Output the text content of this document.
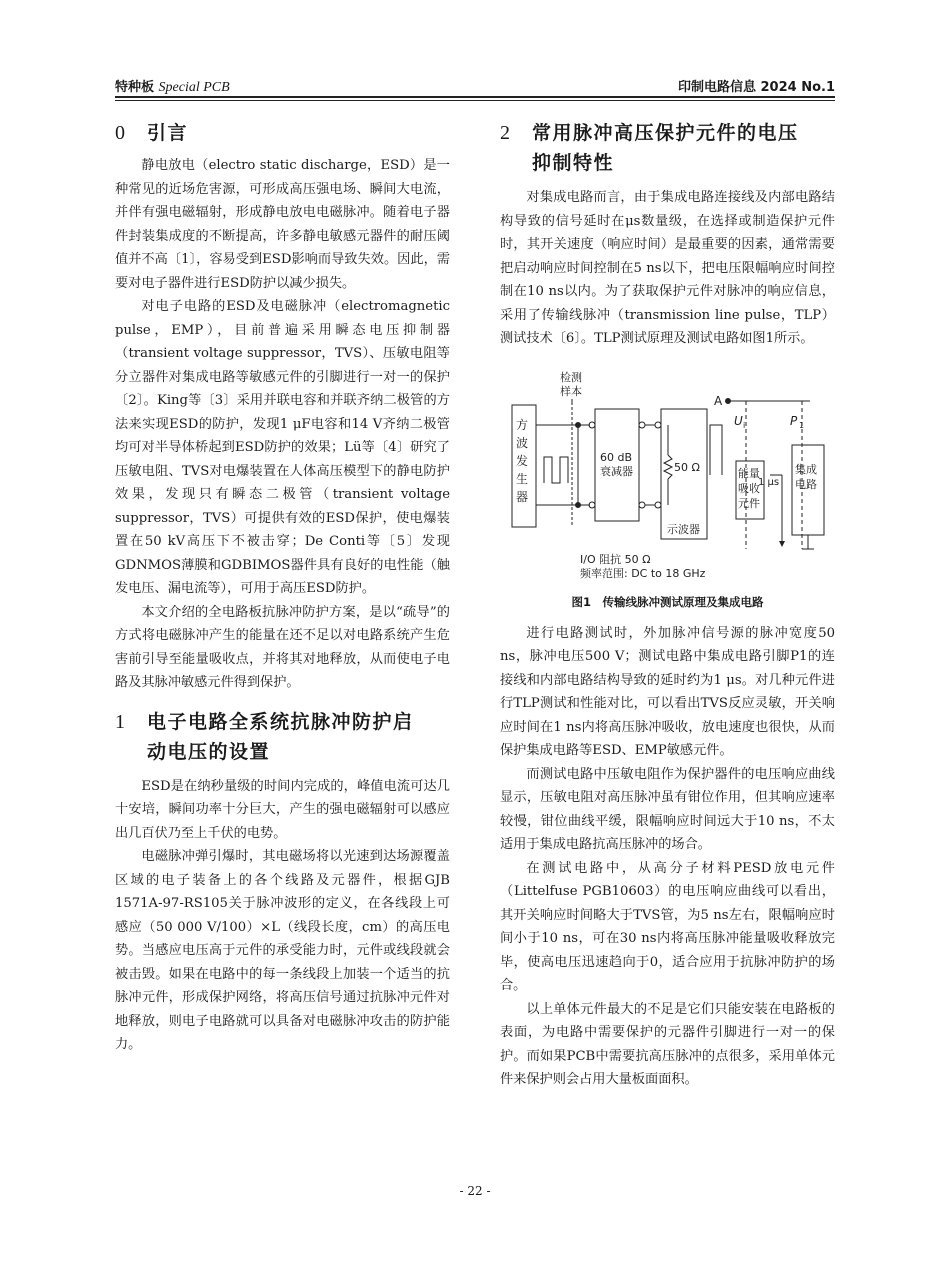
特种板 Special PCB	印制电路信息 2024 No.1
0 引言

静电放电（electro static discharge，ESD）是一种常见的近场危害源，可形成高压强电场、瞬间大电流，并伴有强电磁辐射，形成静电放电电磁脉冲。随着电子器件封装集成度的不断提高，许多静电敏感元器件的耐压阈值并不高〔1〕，容易受到ESD影响而导致失效。因此，需要对电子器件进行ESD防护以减少损失。

对电子电路的ESD及电磁脉冲（electromagnetic pulse，EMP），目前普遍采用瞬态电压抑制器（transient voltage suppressor，TVS）、压敏电阻等分立器件对集成电路等敏感元件的引脚进行一对一的保护〔2〕。King等〔3〕采用并联电容和并联齐纳二极管的方法来实现ESD的防护，发现1 μF电容和14 V齐纳二极管均可对半导体桥起到ESD防护的效果；Lü等〔4〕研究了压敏电阻、TVS对电爆装置在人体高压模型下的静电防护效果，发现只有瞬态二极管（transient voltage suppressor，TVS）可提供有效的ESD保护，使电爆装置在50 kV高压下不被击穿；De Conti等〔5〕发现GDNMOS薄膜和GDBIMOS器件具有良好的电性能（触发电压、漏电流等），可用于高压ESD防护。

本文介绍的全电路板抗脉冲防护方案，是以“疏导”的方式将电磁脉冲产生的能量在还不足以对电路系统产生危害前引导至能量吸收点，并将其对地释放，从而使电子电路及其脉冲敏感元件得到保护。

1 电子电路全系统抗脉冲防护启
动电压的设置

ESD是在纳秒量级的时间内完成的，峰值电流可达几十安培，瞬间功率十分巨大，产生的强电磁辐射可以感应出几百伏乃至上千伏的电势。

电磁脉冲弹引爆时，其电磁场将以光速到达场源覆盖区域的电子装备上的各个线路及元器件，根据GJB 1571A-97-RS105关于脉冲波形的定义，在各线段上可感应（50 000 V/100）×L（线段长度，cm）的高压电势。当感应电压高于元件的承受能力时，元件或线段就会被击毁。如果在电路中的每一条线段上加装一个适当的抗脉冲元件，形成保护网络，将高压信号通过抗脉冲元件对地释放，则电子电路就可以具备对电磁脉冲攻击的防护能力。

2 常用脉冲高压保护元件的电压
抑制特性

对集成电路而言，由于集成电路连接线及内部电路结构导致的信号延时在μs数量级，在选择或制造保护元件时，其开关速度（响应时间）是最重要的因素，通常需要把启动响应时间控制在5 ns以下，把电压限幅响应时间控制在10 ns以内。为了获取保护元件对脉冲的响应信息，采用了传输线脉冲（transmission line pulse，TLP）测试技术〔6〕。TLP测试原理及测试电路如图1所示。

方
波
发
生
器
检测
样本
60 dB
衰减器	50 Ω
示波器
I/O 阻抗 50 Ω
频率范围: DC to 18 GHz
A
U i	P 1
能量
吸收
元件
1 μs
集成
电路
图1　传输线脉冲测试原理及集成电路

进行电路测试时，外加脉冲信号源的脉冲宽度50 ns，脉冲电压500 V；测试电路中集成电路引脚P1的连接线和内部电路结构导致的延时约为1 μs。对几种元件进行TLP测试和性能对比，可以看出TVS反应灵敏，开关响应时间在1 ns内将高压脉冲吸收，放电速度也很快，从而保护集成电路等ESD、EMP敏感元件。

而测试电路中压敏电阻作为保护器件的电压响应曲线显示，压敏电阻对高压脉冲虽有钳位作用，但其响应速率较慢，钳位曲线平缓，限幅响应时间远大于10 ns，不太适用于集成电路抗高压脉冲的场合。

在测试电路中，从高分子材料PESD放电元件（Littelfuse PGB10603）的电压响应曲线可以看出，其开关响应时间略大于TVS管，为5 ns左右，限幅响应时间小于10 ns，可在30 ns内将高压脉冲能量吸收释放完毕，使高电压迅速趋向于0，适合应用于抗脉冲防护的场合。

以上单体元件最大的不足是它们只能安装在电路板的表面，为电路中需要保护的元器件引脚进行一对一的保护。而如果PCB中需要抗高压脉冲的点很多，采用单体元件来保护则会占用大量板面面积。

- 22 -
